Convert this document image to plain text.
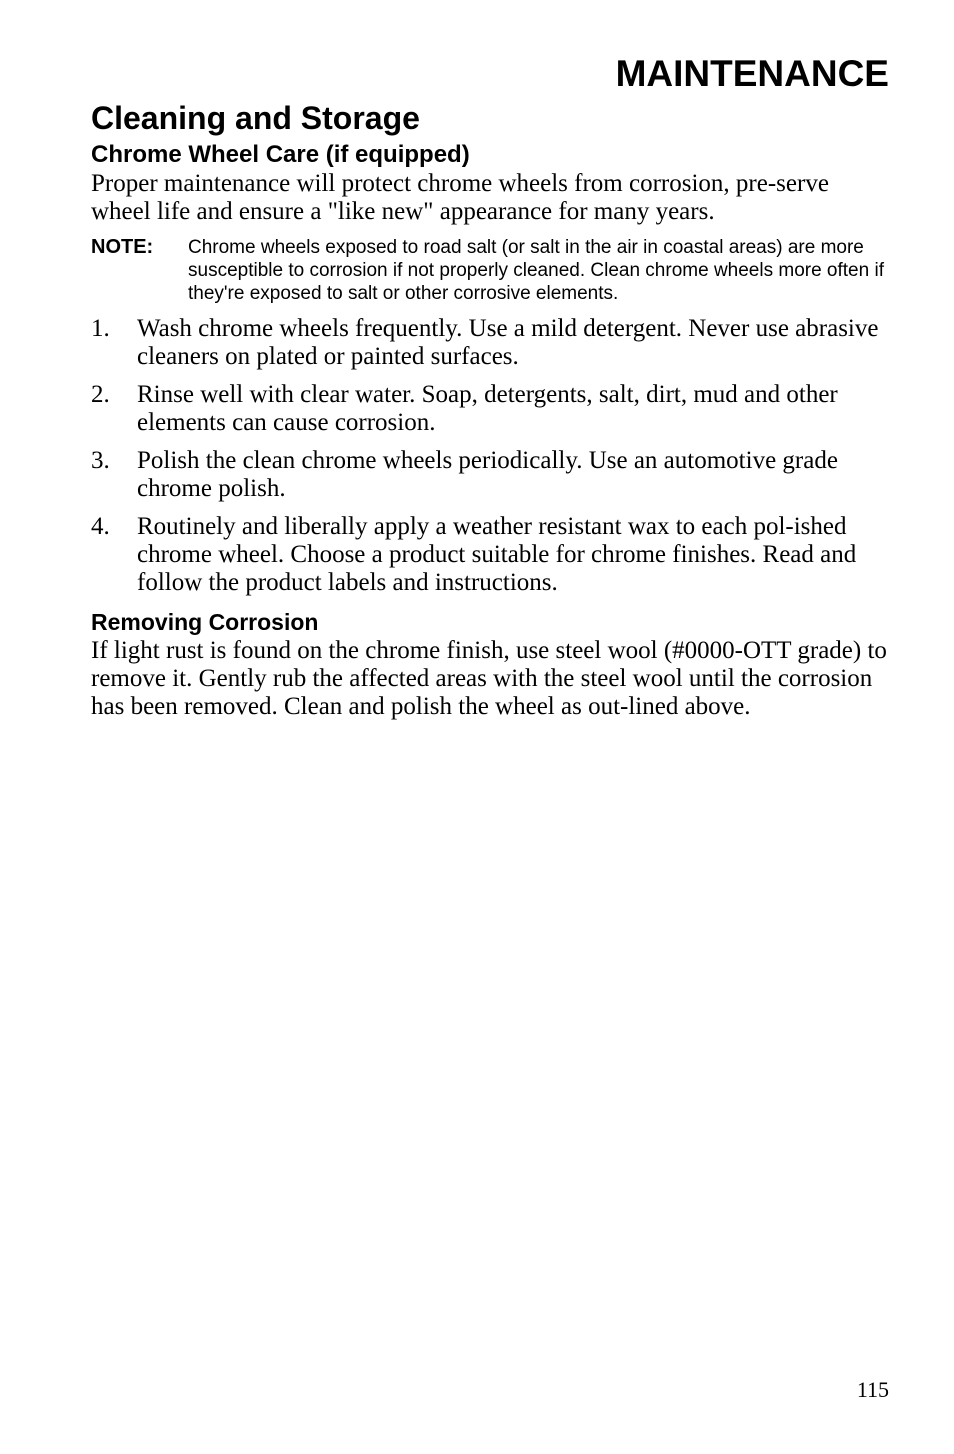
MAINTENANCE
Cleaning and Storage
Chrome Wheel Care (if equipped)

Proper maintenance will protect chrome wheels from corrosion, pre-serve wheel life and ensure a "like new" appearance for many years.

NOTE:	Chrome wheels exposed to road salt (or salt in the air in coastal areas) are more susceptible to corrosion if not properly cleaned. Clean chrome wheels more often if they're exposed to salt or other corrosive elements.
1.	Wash chrome wheels frequently. Use a mild detergent. Never use abrasive cleaners on plated or painted surfaces.
2.	Rinse well with clear water. Soap, detergents, salt, dirt, mud and other elements can cause corrosion.
3.	Polish the clean chrome wheels periodically. Use an automotive grade chrome polish.
4.	Routinely and liberally apply a weather resistant wax to each pol-ished chrome wheel. Choose a product suitable for chrome finishes. Read and follow the product labels and instructions.
Removing Corrosion

If light rust is found on the chrome finish, use steel wool (#0000-OTT grade) to remove it. Gently rub the affected areas with the steel wool until the corrosion has been removed. Clean and polish the wheel as out-lined above.

115
